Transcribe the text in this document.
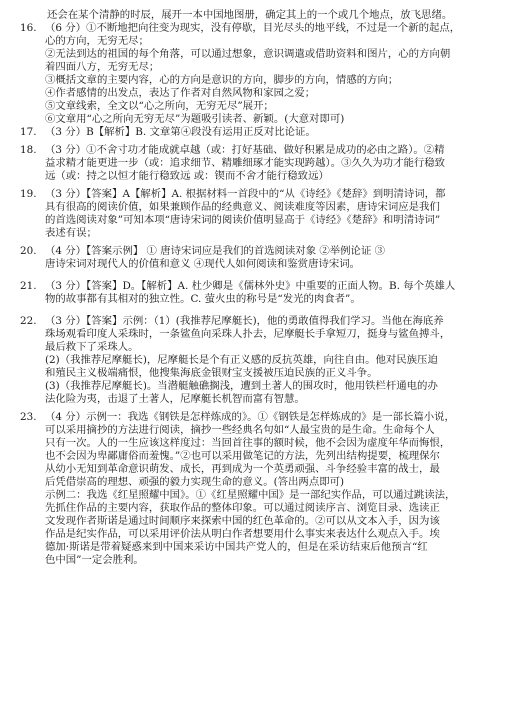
还会在某个清静的时辰，展开一本中国地图册，确定其上的一个或几个地点，放飞思绪。
16. （6 分）①不断地把向往变为现实，没有停歇，目光尽头的地平线，不过是一个新的起点，
心的方向，无穷无尽；
②无法到达的祖国的每个角落，可以通过想象，意识调遣或借助资料和图片，心的方向朝
着四面八方，无穷无尽；
③概括文章的主要内容，心的方向是意识的方向，脚步的方向，情感的方向；
④作者感情的出发点，表达了作者对自然风物和家园之爱；
⑤文章线索，全文以“心之所向，无穷无尽”展开；
⑥文章用“心之所向无穷无尽”为题吸引读者、新颖。(大意对即可)
17. （3 分）B【解析】B. 文章第④段没有运用正反对比论证。
18. （3 分）①不舍寸功才能成就卓越（或：打好基础、做好积累是成功的必由之路）。②精
益求精才能更进一步（或：追求细节、精雕细琢才能实现跨越）。③久久为功才能行稳致
远（或：持之以恒才能行稳致远 或：锲而不舍才能行稳致远）
19. （3 分）【答案】A【解析】A. 根据材料一首段中的“从《诗经》《楚辞》到明清诗词，都
具有很高的阅读价值，如果兼顾作品的经典意义、阅读难度等因素，唐诗宋词应是我们
的首选阅读对象”可知本项“唐诗宋词的阅读价值明显高于《诗经》《楚辞》和明清诗词”
表述有误；
20. （4 分）【答案示例】 ① 唐诗宋词应是我们的首选阅读对象 ②举例论证 ③
唐诗宋词对现代人的价值和意义 ④现代人如何阅读和鉴赏唐诗宋词。
21. （3 分）【答案】D。【解析】A. 杜少卿是《儒林外史》中重要的正面人物。B. 每个英雄人
物的故事都有其相对的独立性。C. 萤火虫的称号是“发光的肉食者”。
22. （3 分）【答案】示例：（1）(我推荐尼摩艇长)，他的勇敢值得我们学习。当他在海底养
珠场观看印度人采珠时，一条鲨鱼向采珠人扑去，尼摩艇长手拿短刀，挺身与鲨鱼搏斗，
最后救下了采珠人。
(2)（我推荐尼摩艇长)，尼摩艇长是个有正义感的反抗英雄，向往自由。他对民族压迫
和殖民主义极端痛恨，他搜集海底金银财宝支援被压迫民族的正义斗争。
(3)（我推荐尼摩艇长)。当潜艇触礁搁浅，遭到土著人的围攻时，他用铁栏杆通电的办
法化险为夷，击退了土著人，尼摩艇长机智而富有智慧。
23. （4 分）示例一：我选《钢铁是怎样炼成的》。①《钢铁是怎样炼成的》是一部长篇小说，
可以采用摘抄的方法进行阅读，摘抄一些经典名句如“人最宝贵的是生命。生命每个人
只有一次。人的一生应该这样度过：当回首往事的额时候，他不会因为虚度年华而悔恨，
也不会因为卑鄙庸俗而羞愧。”②也可以采用做笔记的方法，先列出结构提要，梳理保尔
从幼小无知到革命意识萌发、成长，再到成为一个英勇顽强、斗争经验丰富的战士，最
后凭借崇高的理想、顽强的毅力实现生命的意义。(答出两点即可)
示例二：我选《红星照耀中国》。①《红星照耀中国》是一部纪实作品，可以通过跳读法，
先抓住作品的主要内容，获取作品的整体印象。可以通过阅读序言、浏览目录、选读正
文发现作者斯诺是通过时间顺序来探索中国的红色革命的。②可以从文本入手，因为该
作品是纪实作品，可以采用评价法从明白作者想要用什么事实来表达什么观点入手。埃
德加·斯诺是带着疑惑来到中国来采访中国共产党人的，但是在采访结束后他预言“红
色中国”一定会胜利。
